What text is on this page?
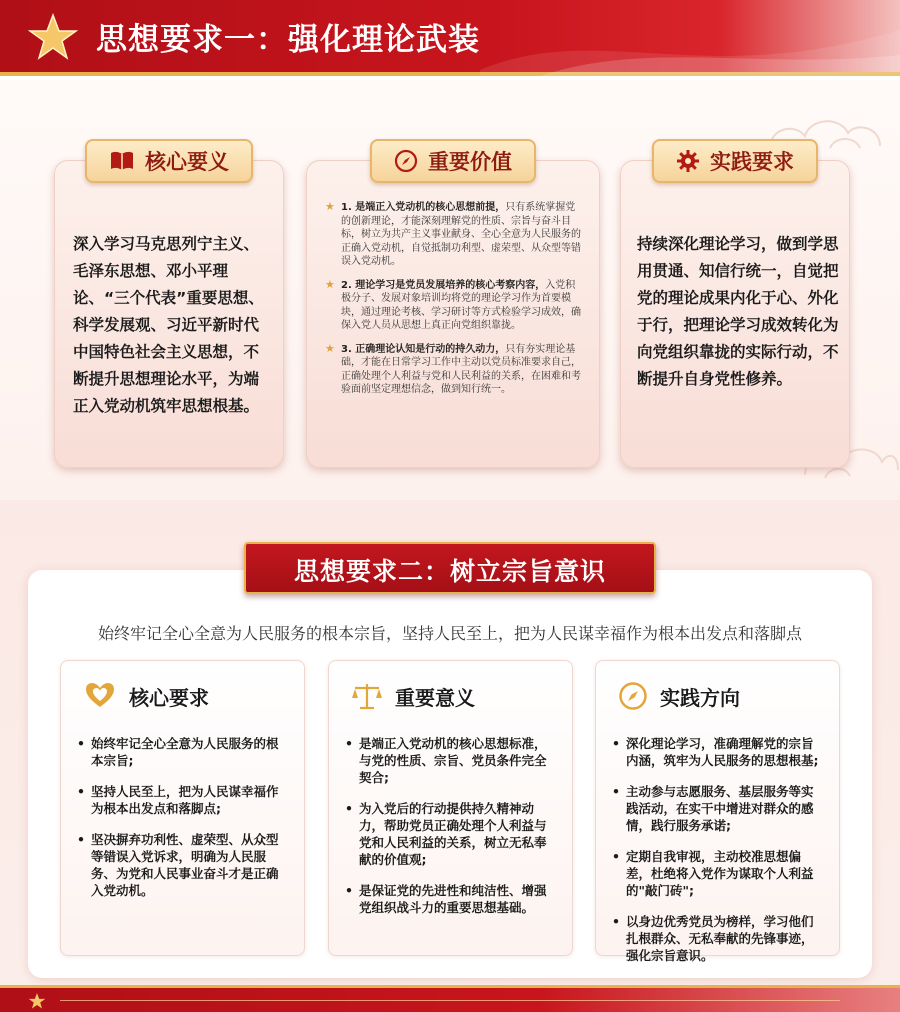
思想要求一：强化理论武装
核心要义
深入学习马克思列宁主义、毛泽东思想、邓小平理论、“三个代表”重要思想、科学发展观、习近平新时代中国特色社会主义思想，不断提升思想理论水平，为端正入党动机筑牢思想根基。
重要价值
★ 1. 是端正入党动机的核心思想前提，只有系统掌握党的创新理论，才能深刻理解党的性质、宗旨与奋斗目标，树立为共产主义事业献身、全心全意为人民服务的正确入党动机，自觉抵制功利型、虚荣型、从众型等错误入党动机。
★ 2. 理论学习是党员发展培养的核心考察内容，入党积极分子、发展对象培训均将党的理论学习作为首要模块，通过理论考核、学习研讨等方式检验学习成效，确保入党人员从思想上真正向党组织靠拢。
★ 3. 正确理论认知是行动的持久动力，只有夯实理论基础，才能在日常学习工作中主动以党员标准要求自己，正确处理个人利益与党和人民利益的关系，在困难和考验面前坚定理想信念，做到知行统一。
实践要求
持续深化理论学习，做到学思用贯通、知信行统一，自觉把党的理论成果内化于心、外化于行，把理论学习成效转化为向党组织靠拢的实际行动，不断提升自身党性修养。
思想要求二：树立宗旨意识
始终牢记全心全意为人民服务的根本宗旨，坚持人民至上，把为人民谋幸福作为根本出发点和落脚点
核心要求
• 始终牢记全心全意为人民服务的根本宗旨;
• 坚持人民至上，把为人民谋幸福作为根本出发点和落脚点;
• 坚决摒弃功利性、虚荣型、从众型等错误入党诉求，明确为人民服务、为党和人民事业奋斗才是正确入党动机。
重要意义
• 是端正入党动机的核心思想标准，与党的性质、宗旨、党员条件完全契合;
• 为入党后的行动提供持久精神动力，帮助党员正确处理个人利益与党和人民利益的关系，树立无私奉献的价值观;
• 是保证党的先进性和纯洁性、增强党组织战斗力的重要思想基础。
实践方向
• 深化理论学习，准确理解党的宗旨内涵，筑牢为人民服务的思想根基;
• 主动参与志愿服务、基层服务等实践活动，在实干中增进对群众的感情，践行服务承诺;
• 定期自我审视，主动校准思想偏差，杜绝将入党作为谋取个人利益的"敲门砖";
• 以身边优秀党员为榜样，学习他们扎根群众、无私奉献的先锋事迹，强化宗旨意识。
